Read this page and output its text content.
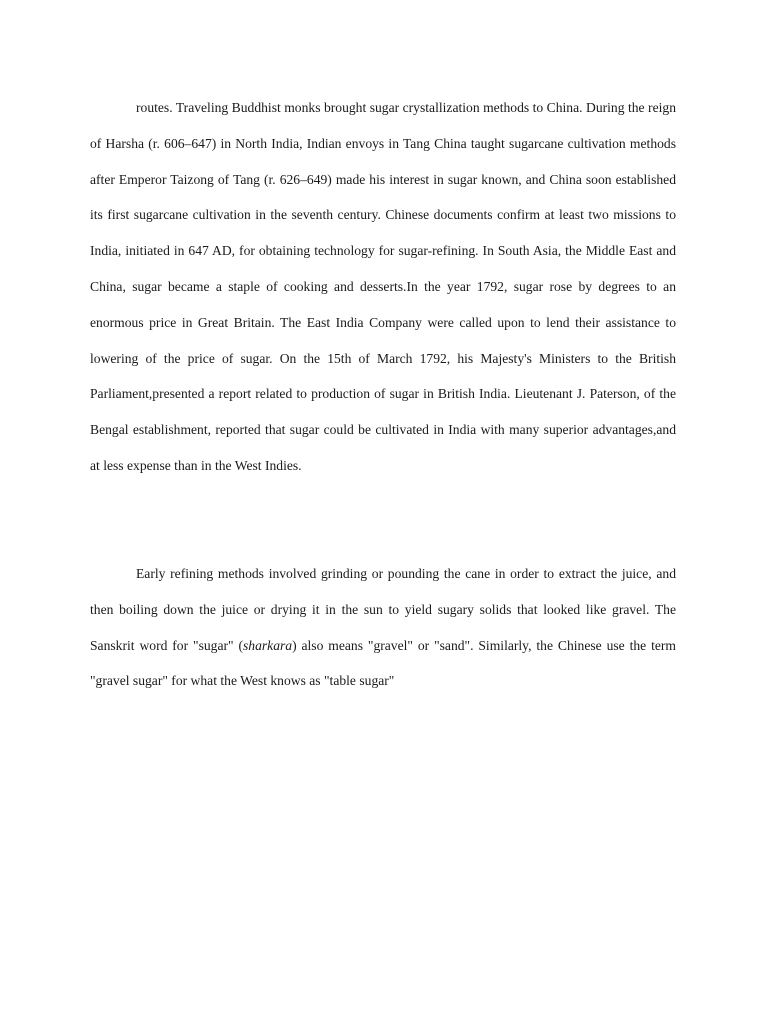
routes. Traveling Buddhist monks brought sugar crystallization methods to China. During the reign of Harsha (r. 606–647) in North India, Indian envoys in Tang China taught sugarcane cultivation methods after Emperor Taizong of Tang (r. 626–649) made his interest in sugar known, and China soon established its first sugarcane cultivation in the seventh century. Chinese documents confirm at least two missions to India, initiated in 647 AD, for obtaining technology for sugar-refining. In South Asia, the Middle East and China, sugar became a staple of cooking and desserts.In the year 1792, sugar rose by degrees to an enormous price in Great Britain. The East India Company were called upon to lend their assistance to lowering of the price of sugar. On the 15th of March 1792, his Majesty's Ministers to the British Parliament,presented a report related to production of sugar in British India. Lieutenant J. Paterson, of the Bengal establishment, reported that sugar could be cultivated in India with many superior advantages,and at less expense than in the West Indies.

Early refining methods involved grinding or pounding the cane in order to extract the juice, and then boiling down the juice or drying it in the sun to yield sugary solids that looked like gravel. The Sanskrit word for "sugar" (sharkara) also means "gravel" or "sand". Similarly, the Chinese use the term "gravel sugar" for what the West knows as "table sugar"
